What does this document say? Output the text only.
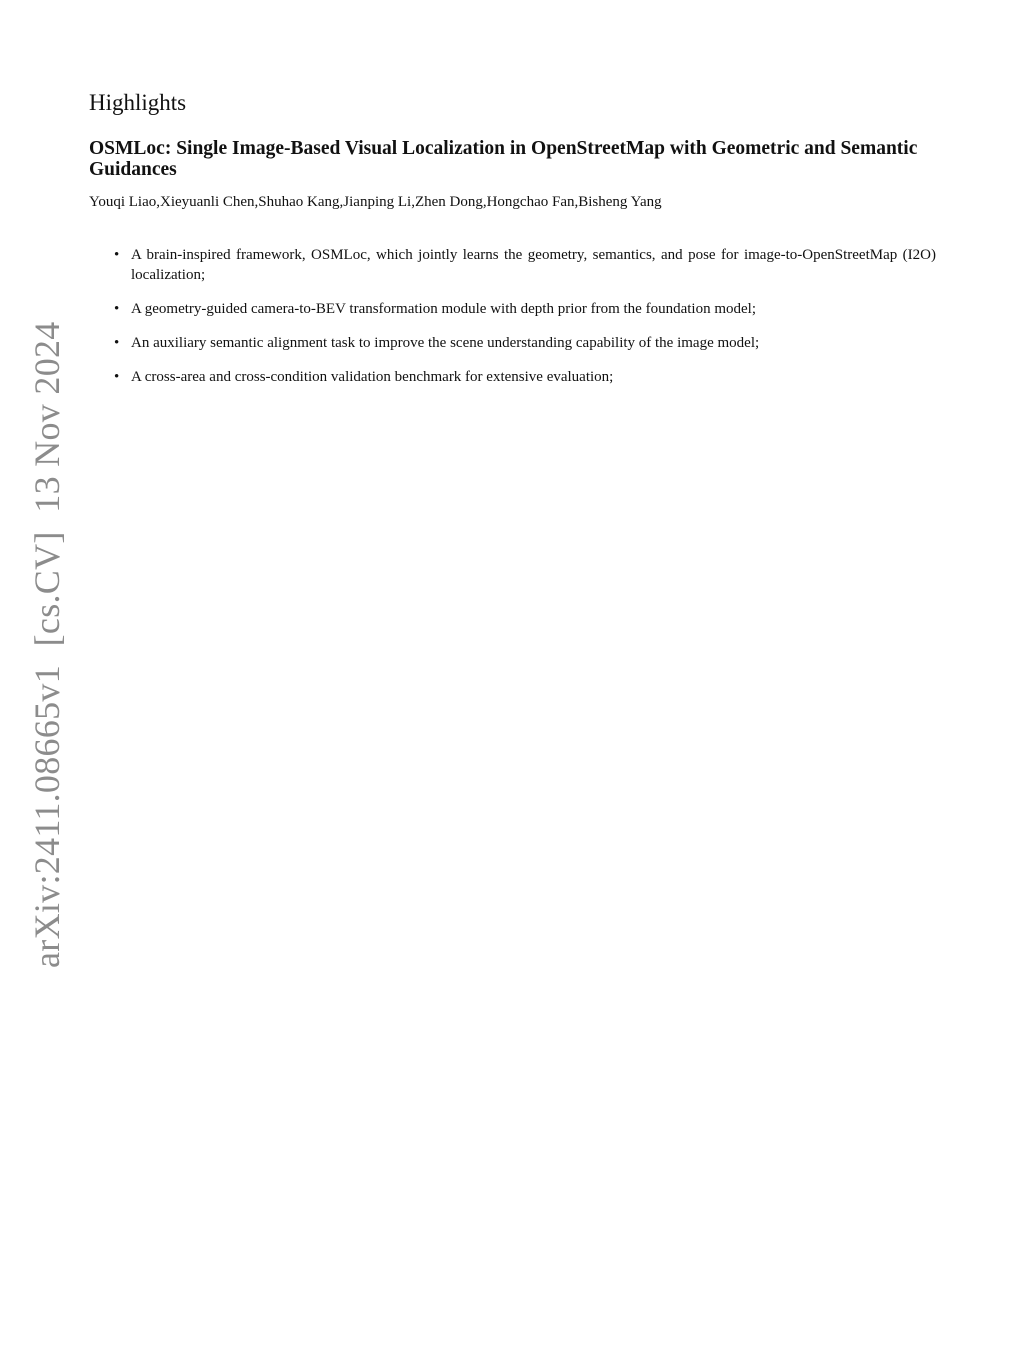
arXiv:2411.08665v1  [cs.CV]  13 Nov 2024
Highlights
OSMLoc: Single Image-Based Visual Localization in OpenStreetMap with Geometric and Semantic Guidances
Youqi Liao,Xieyuanli Chen,Shuhao Kang,Jianping Li,Zhen Dong,Hongchao Fan,Bisheng Yang
• A brain-inspired framework, OSMLoc, which jointly learns the geometry, semantics, and pose for image-to-OpenStreetMap (I2O) localization;
• A geometry-guided camera-to-BEV transformation module with depth prior from the foundation model;
• An auxiliary semantic alignment task to improve the scene understanding capability of the image model;
• A cross-area and cross-condition validation benchmark for extensive evaluation;
